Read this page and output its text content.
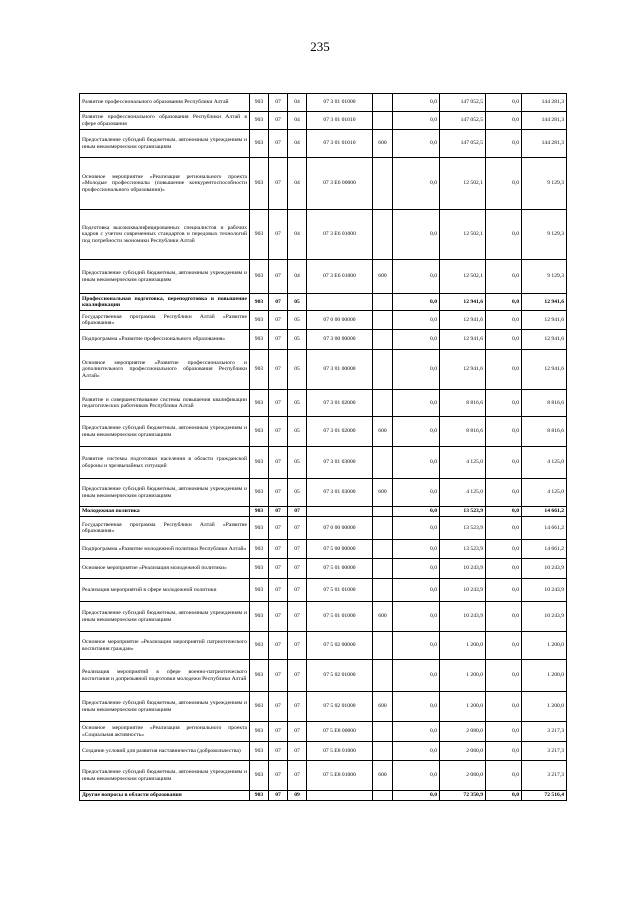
235
Развитие профессионального образования Республики Алтай	903	07	04	07 3 01 01000		0,0	147 052,5	0,0	144 281,3
Развитие профессионального образования Республики Алтай в сфере образования	903	07	04	07 3 01 01010		0,0	147 052,5	0,0	144 281,3
Предоставление субсидий бюджетным, автономным учреждениям и иным некоммерческим организациям	903	07	04	07 3 01 01010	600	0,0	147 052,5	0,0	144 281,3
Основное мероприятие «Реализация регионального проекта «Молодые профессионалы (повышение конкурентоспособности профессионального образования)»	903	07	04	07 3 E6 00000		0,0	12 502,1	0,0	9 129,3
Подготовка высококвалифицированных специалистов и рабочих кадров с учетом современных стандартов и передовых технологий под потребности экономики Республики Алтай	903	07	04	07 3 E6 01000		0,0	12 502,1	0,0	9 129,3
Предоставление субсидий бюджетным, автономным учреждениям и иным некоммерческим организациям	903	07	04	07 3 E6 01000	600	0,0	12 502,1	0,0	9 129,3
Профессиональная подготовка, переподготовка и повышение квалификации	903	07	05			0,0	12 941,6	0,0	12 941,6
Государственная программа Республики Алтай «Развитие образования»	903	07	05	07 0 00 00000		0,0	12 941,6	0,0	12 941,6
Подпрограмма «Развитие профессионального образования»	903	07	05	07 3 00 00000		0,0	12 941,6	0,0	12 941,6
Основное мероприятие «Развитие профессионального и дополнительного профессионального образования Республики Алтай»	903	07	05	07 3 01 00000		0,0	12 941,6	0,0	12 941,6
Развитие и совершенствование системы повышения квалификации педагогических работников Республики Алтай	903	07	05	07 3 01 02000		0,0	8 816,6	0,0	8 816,6
Предоставление субсидий бюджетным, автономным учреждениям и иным некоммерческим организациям	903	07	05	07 3 01 02000	600	0,0	8 816,6	0,0	8 816,6
Развитие системы подготовки населения в области гражданской обороны и чрезвычайных ситуаций	903	07	05	07 3 01 03000		0,0	4 125,0	0,0	4 125,0
Предоставление субсидий бюджетным, автономным учреждениям и иным некоммерческим организациям	903	07	05	07 3 01 03000	600	0,0	4 125,0	0,0	4 125,0
Молодежная политика	903	07	07			0,0	13 523,9	0,0	14 661,2
Государственная программа Республики Алтай «Развитие образования»	903	07	07	07 0 00 00000		0,0	13 523,9	0,0	14 661,2
Подпрограмма «Развитие молодежной политики Республики Алтай»	903	07	07	07 5 00 00000		0,0	13 523,9	0,0	14 661,2
Основное мероприятие «Реализация молодежной политики»	903	07	07	07 5 01 00000		0,0	10 243,9	0,0	10 243,9
Реализация мероприятий в сфере молодежной политики	903	07	07	07 5 01 01000		0,0	10 243,9	0,0	10 243,9
Предоставление субсидий бюджетным, автономным учреждениям и иным некоммерческим организациям	903	07	07	07 5 01 01000	600	0,0	10 243,9	0,0	10 243,9
Основное мероприятие «Реализация мероприятий патриотического воспитания граждан»	903	07	07	07 5 02 00000		0,0	1 200,0	0,0	1 200,0
Реализация мероприятий в сфере военно-патриотического воспитания и допризывной подготовки молодежи Республики Алтай	903	07	07	07 5 02 01000		0,0	1 200,0	0,0	1 200,0
Предоставление субсидий бюджетным, автономным учреждениям и иным некоммерческим организациям	903	07	07	07 5 02 01000	600	0,0	1 200,0	0,0	1 200,0
Основное мероприятие «Реализация регионального проекта «Социальная активность»	903	07	07	07 5 E8 00000		0,0	2 080,0	0,0	3 217,3
Создание условий для развития наставничества (добровольчества)	903	07	07	07 5 E8 01000		0,0	2 080,0	0,0	3 217,3
Предоставление субсидий бюджетным, автономным учреждениям и иным некоммерческим организациям	903	07	07	07 5 E8 01000	600	0,0	2 080,0	0,0	3 217,3
Другие вопросы в области образования	903	07	09			0,0	72 350,9	0,0	72 516,4
